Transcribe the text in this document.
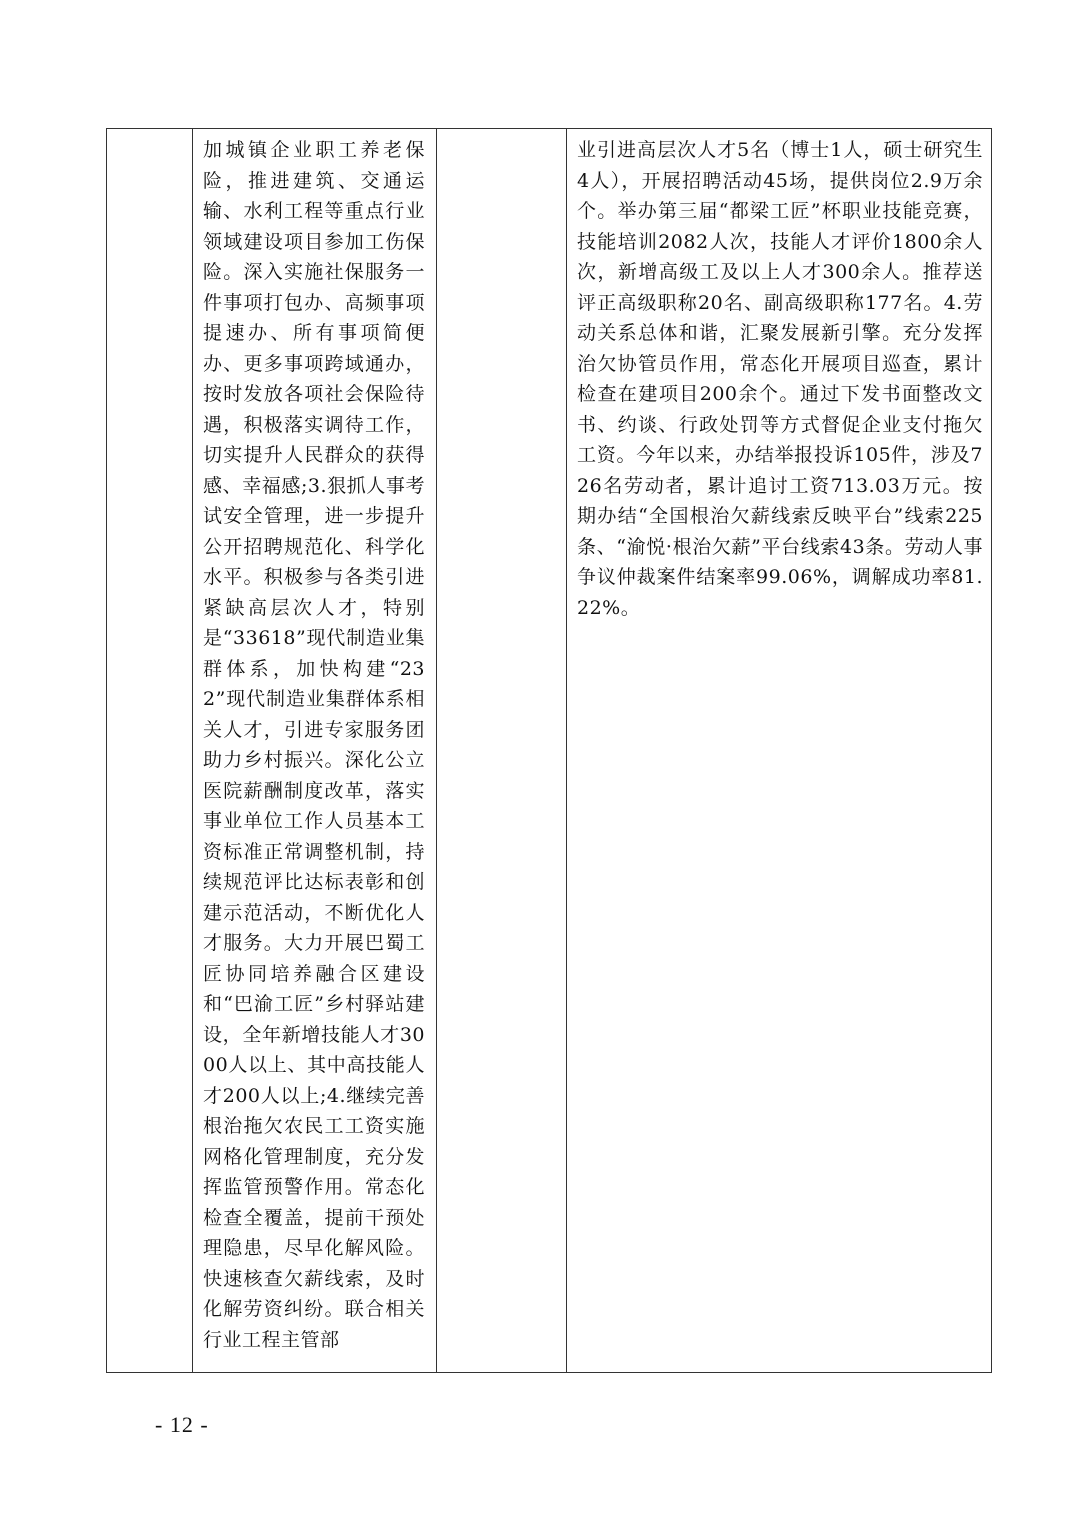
加城镇企业职工养老保险，推进建筑、交通运输、水利工程等重点行业领域建设项目参加工伤保险。深入实施社保服务一件事项打包办、高频事项提速办、所有事项简便办、更多事项跨域通办，按时发放各项社会保险待遇，积极落实调待工作，切实提升人民群众的获得感、幸福感;3.狠抓人事考试安全管理，进一步提升公开招聘规范化、科学化水平。积极参与各类引进紧缺高层次人才，特别是“33618”现代制造业集群体系，加快构建“232”现代制造业集群体系相关人才，引进专家服务团助力乡村振兴。深化公立医院薪酬制度改革，落实事业单位工作人员基本工资标准正常调整机制，持续规范评比达标表彰和创建示范活动，不断优化人才服务。大力开展巴蜀工匠协同培养融合区建设和“巴渝工匠”乡村驿站建设，全年新增技能人才3000人以上、其中高技能人才200人以上;4.继续完善根治拖欠农民工工资实施网格化管理制度，充分发挥监管预警作用。常态化检查全覆盖，提前干预处理隐患，尽早化解风险。快速核查欠薪线索，及时化解劳资纠纷。联合相关行业工程主管部
业引进高层次人才5名（博士1人，硕士研究生4人），开展招聘活动45场，提供岗位2.9万余个。举办第三届“都梁工匠”杯职业技能竞赛，技能培训2082人次，技能人才评价1800余人次，新增高级工及以上人才300余人。推荐送评正高级职称20名、副高级职称177名。4.劳动关系总体和谐，汇聚发展新引擎。充分发挥治欠协管员作用，常态化开展项目巡查，累计检查在建项目200余个。通过下发书面整改文书、约谈、行政处罚等方式督促企业支付拖欠工资。今年以来，办结举报投诉105件，涉及726名劳动者，累计追讨工资713.03万元。按期办结“全国根治欠薪线索反映平台”线索225条、“渝悦·根治欠薪”平台线索43条。劳动人事争议仲裁案件结案率99.06%，调解成功率81.22%。
- 12 -
